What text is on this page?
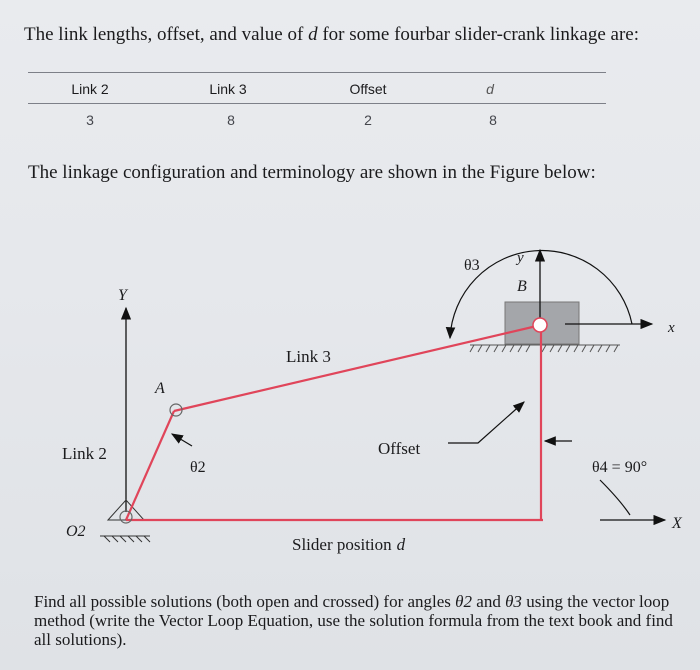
The link lengths, offset, and value of d for some fourbar slider-crank linkage are:
Link 2	Link 3	Offset	d
3	8	2	8
The linkage configuration and terminology are shown in the Figure below:
Y
y
x
X
A
B
Link 2
Link 3
Offset
θ2
θ3
θ4 = 90°
O2
Slider position d
Find all possible solutions (both open and crossed) for angles θ2 and θ3 using the vector loop method (write the Vector Loop Equation, use the solution formula from the text book and find all solutions).
